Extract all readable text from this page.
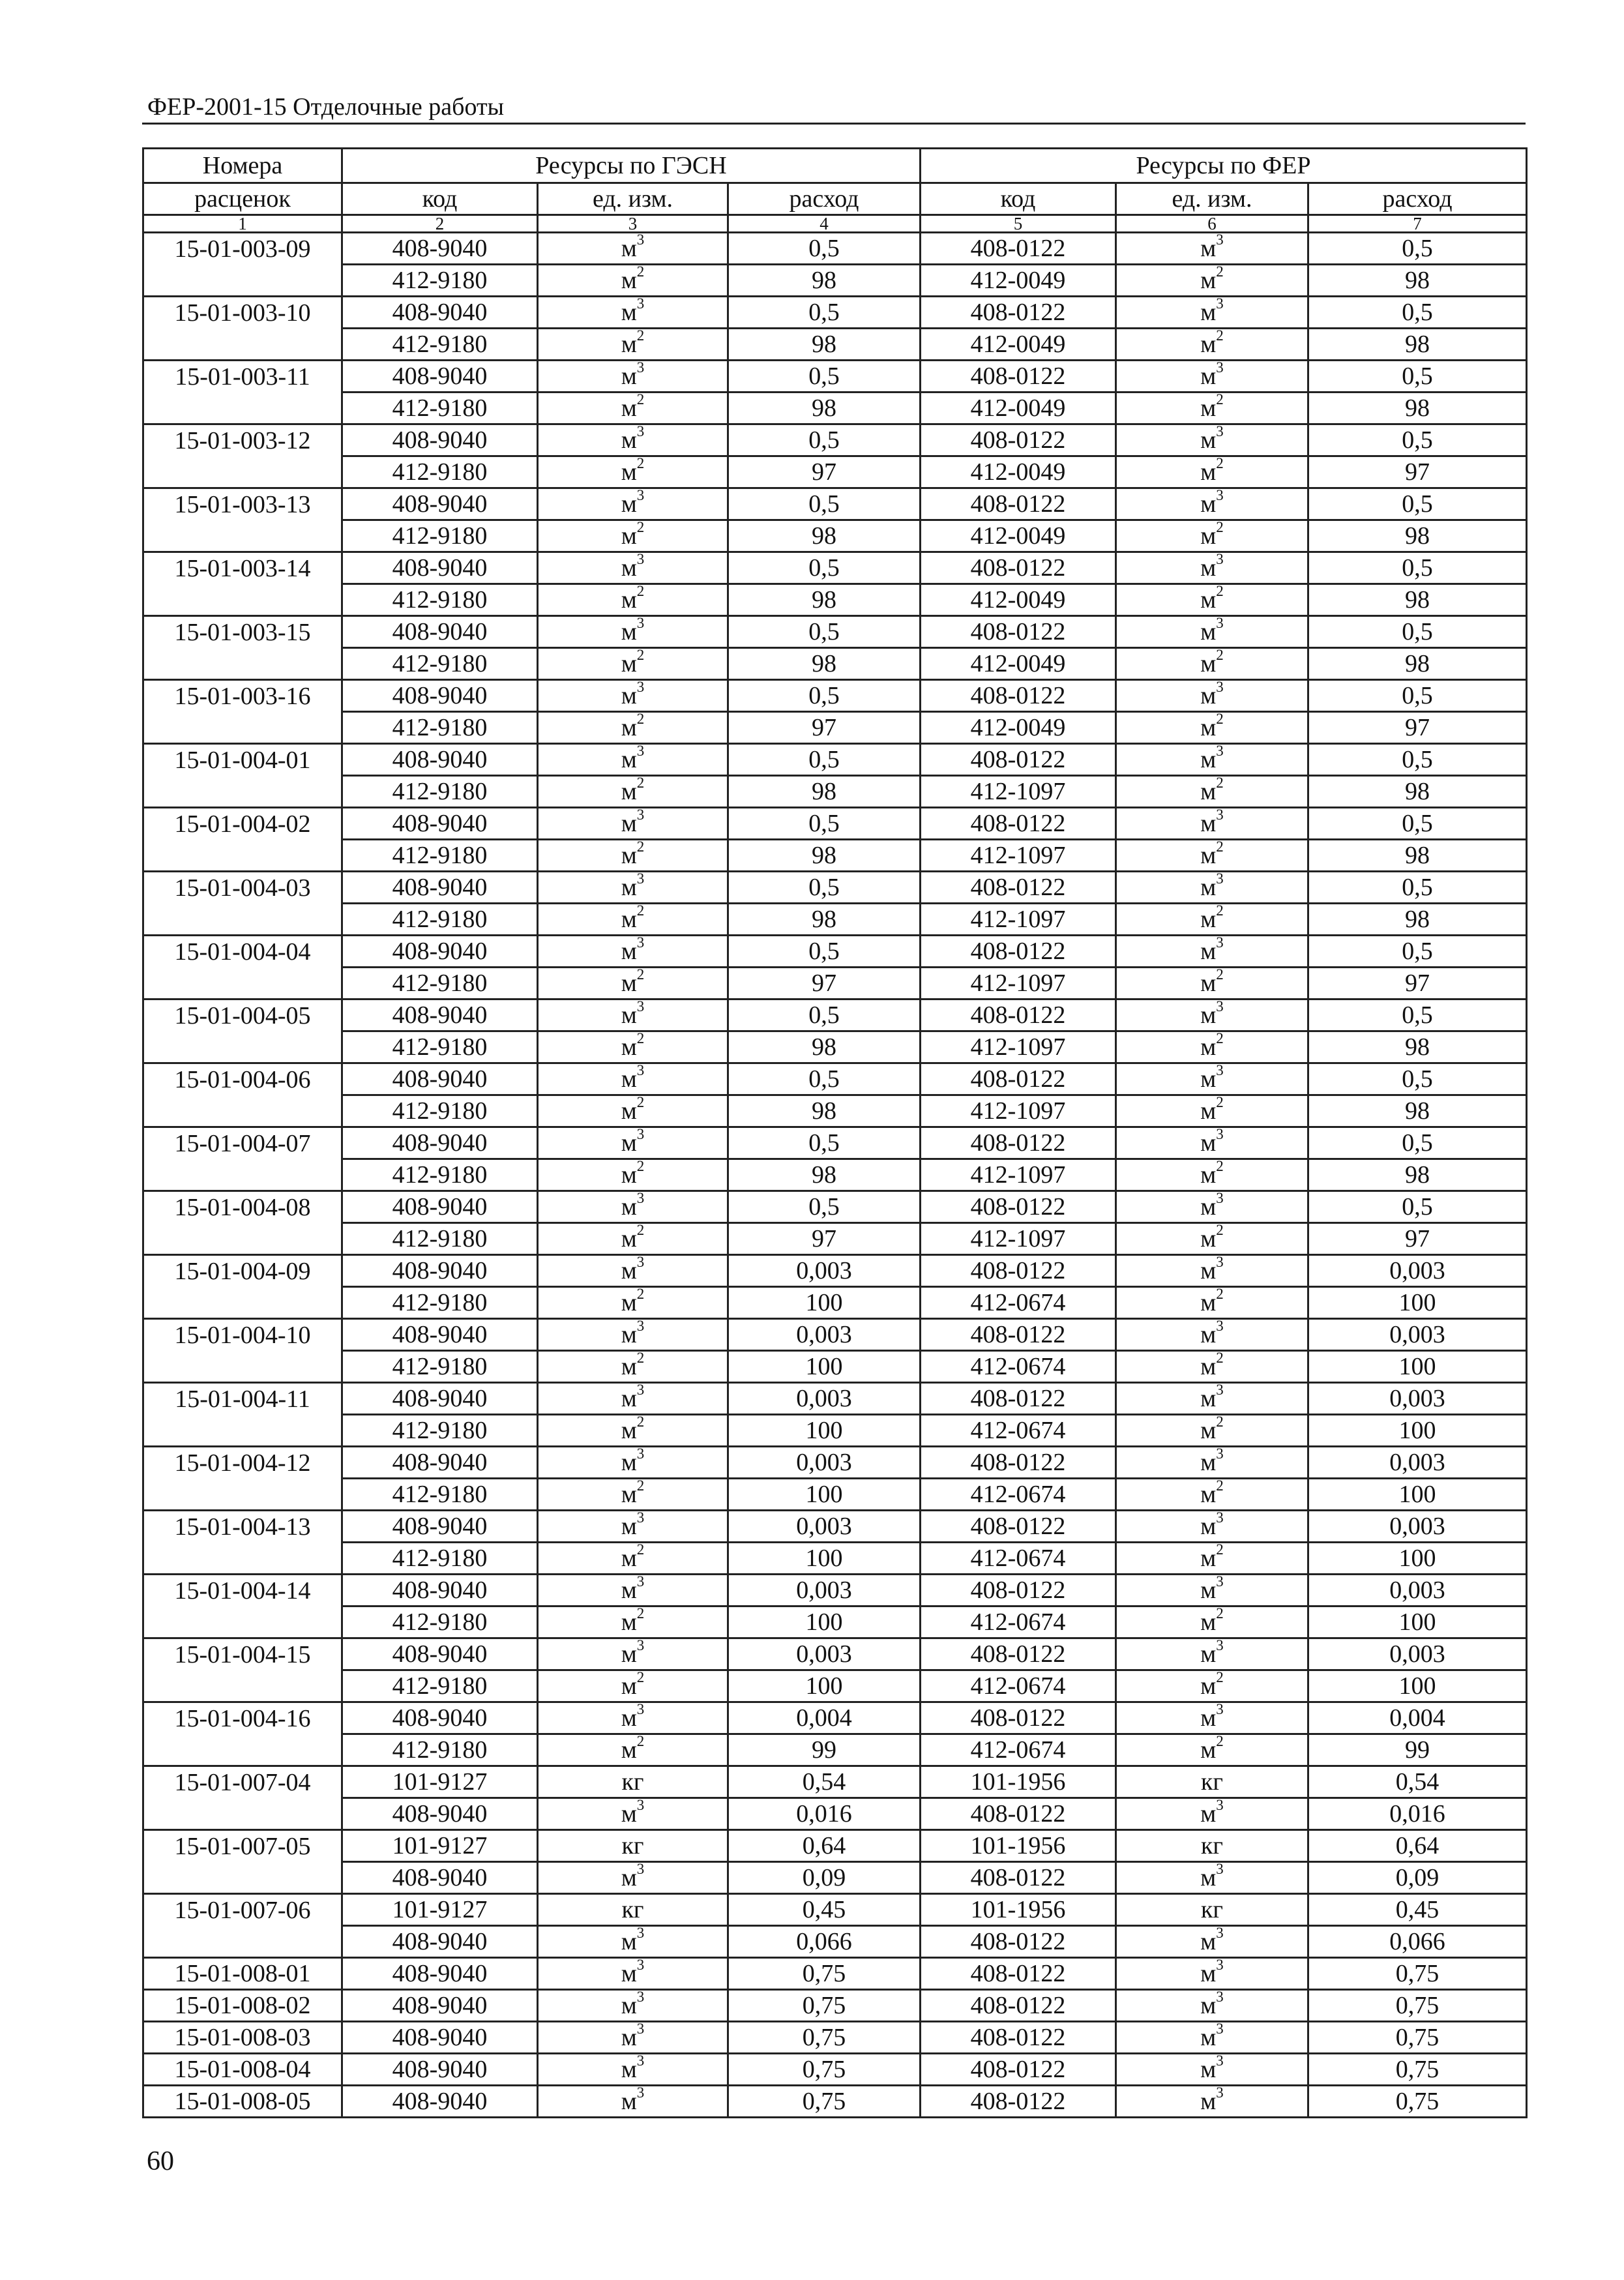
ФЕР-2001-15 Отделочные работы
Номера	Ресурсы по ГЭСН			Ресурсы по ФЕР		
расценок	код	ед. изм.	расход	код	ед. изм.	расход
1	2	3	4	5	6	7
15-01-003-09	408-9040	$м^3$	0,5	408-0122	$м^3$	0,5
	412-9180	$м^2$	98	412-0049	$м^2$	98
15-01-003-10	408-9040	$м^3$	0,5	408-0122	$м^3$	0,5
	412-9180	$м^2$	98	412-0049	$м^2$	98
15-01-003-11	408-9040	$м^3$	0,5	408-0122	$м^3$	0,5
	412-9180	$м^2$	98	412-0049	$м^2$	98
15-01-003-12	408-9040	$м^3$	0,5	408-0122	$м^3$	0,5
	412-9180	$м^2$	97	412-0049	$м^2$	97
15-01-003-13	408-9040	$м^3$	0,5	408-0122	$м^3$	0,5
	412-9180	$м^2$	98	412-0049	$м^2$	98
15-01-003-14	408-9040	$м^3$	0,5	408-0122	$м^3$	0,5
	412-9180	$м^2$	98	412-0049	$м^2$	98
15-01-003-15	408-9040	$м^3$	0,5	408-0122	$м^3$	0,5
	412-9180	$м^2$	98	412-0049	$м^2$	98
15-01-003-16	408-9040	$м^3$	0,5	408-0122	$м^3$	0,5
	412-9180	$м^2$	97	412-0049	$м^2$	97
15-01-004-01	408-9040	$м^3$	0,5	408-0122	$м^3$	0,5
	412-9180	$м^2$	98	412-1097	$м^2$	98
15-01-004-02	408-9040	$м^3$	0,5	408-0122	$м^3$	0,5
	412-9180	$м^2$	98	412-1097	$м^2$	98
15-01-004-03	408-9040	$м^3$	0,5	408-0122	$м^3$	0,5
	412-9180	$м^2$	98	412-1097	$м^2$	98
15-01-004-04	408-9040	$м^3$	0,5	408-0122	$м^3$	0,5
	412-9180	$м^2$	97	412-1097	$м^2$	97
15-01-004-05	408-9040	$м^3$	0,5	408-0122	$м^3$	0,5
	412-9180	$м^2$	98	412-1097	$м^2$	98
15-01-004-06	408-9040	$м^3$	0,5	408-0122	$м^3$	0,5
	412-9180	$м^2$	98	412-1097	$м^2$	98
15-01-004-07	408-9040	$м^3$	0,5	408-0122	$м^3$	0,5
	412-9180	$м^2$	98	412-1097	$м^2$	98
15-01-004-08	408-9040	$м^3$	0,5	408-0122	$м^3$	0,5
	412-9180	$м^2$	97	412-1097	$м^2$	97
15-01-004-09	408-9040	$м^3$	0,003	408-0122	$м^3$	0,003
	412-9180	$м^2$	100	412-0674	$м^2$	100
15-01-004-10	408-9040	$м^3$	0,003	408-0122	$м^3$	0,003
	412-9180	$м^2$	100	412-0674	$м^2$	100
15-01-004-11	408-9040	$м^3$	0,003	408-0122	$м^3$	0,003
	412-9180	$м^2$	100	412-0674	$м^2$	100
15-01-004-12	408-9040	$м^3$	0,003	408-0122	$м^3$	0,003
	412-9180	$м^2$	100	412-0674	$м^2$	100
15-01-004-13	408-9040	$м^3$	0,003	408-0122	$м^3$	0,003
	412-9180	$м^2$	100	412-0674	$м^2$	100
15-01-004-14	408-9040	$м^3$	0,003	408-0122	$м^3$	0,003
	412-9180	$м^2$	100	412-0674	$м^2$	100
15-01-004-15	408-9040	$м^3$	0,003	408-0122	$м^3$	0,003
	412-9180	$м^2$	100	412-0674	$м^2$	100
15-01-004-16	408-9040	$м^3$	0,004	408-0122	$м^3$	0,004
	412-9180	$м^2$	99	412-0674	$м^2$	99
15-01-007-04	101-9127	кг	0,54	101-1956	кг	0,54
	408-9040	$м^3$	0,016	408-0122	$м^3$	0,016
15-01-007-05	101-9127	кг	0,64	101-1956	кг	0,64
	408-9040	$м^3$	0,09	408-0122	$м^3$	0,09
15-01-007-06	101-9127	кг	0,45	101-1956	кг	0,45
	408-9040	$м^3$	0,066	408-0122	$м^3$	0,066
15-01-008-01	408-9040	$м^3$	0,75	408-0122	$м^3$	0,75
15-01-008-02	408-9040	$м^3$	0,75	408-0122	$м^3$	0,75
15-01-008-03	408-9040	$м^3$	0,75	408-0122	$м^3$	0,75
15-01-008-04	408-9040	$м^3$	0,75	408-0122	$м^3$	0,75
15-01-008-05	408-9040	$м^3$	0,75	408-0122	$м^3$	0,75
60
